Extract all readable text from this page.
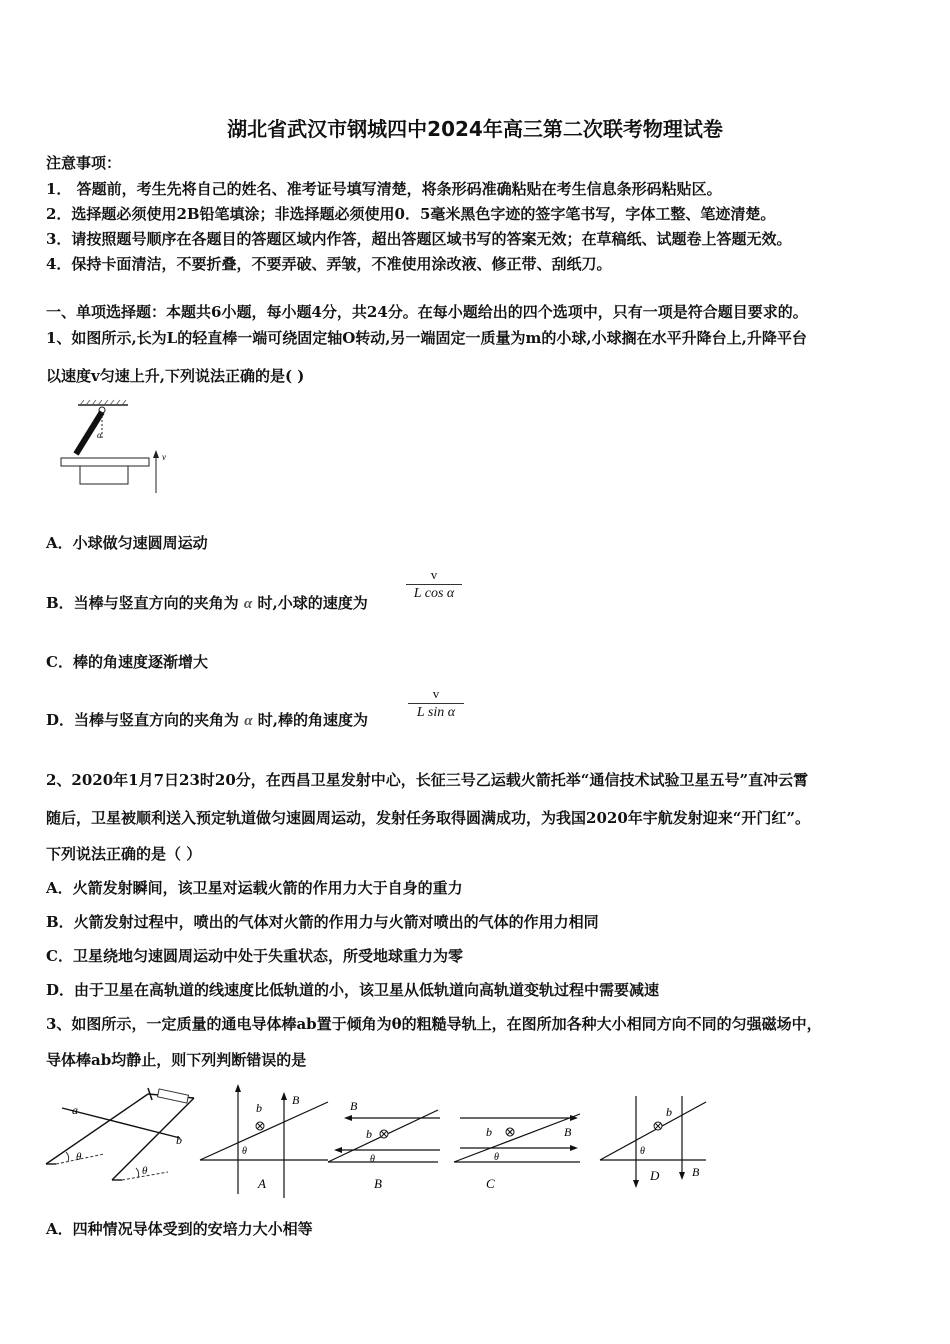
湖北省武汉市钢城四中2024年高三第二次联考物理试卷
注意事项：
1． 答题前，考生先将自己的姓名、准考证号填写清楚，将条形码准确粘贴在考生信息条形码粘贴区。
2．选择题必须使用2B铅笔填涂；非选择题必须使用0．5毫米黑色字迹的签字笔书写，字体工整、笔迹清楚。
3．请按照题号顺序在各题目的答题区域内作答，超出答题区域书写的答案无效；在草稿纸、试题卷上答题无效。
4．保持卡面清洁，不要折叠，不要弄破、弄皱，不准使用涂改液、修正带、刮纸刀。
一、单项选择题：本题共6小题，每小题4分，共24分。在每小题给出的四个选项中，只有一项是符合题目要求的。
1、如图所示,长为L的轻直棒一端可绕固定轴O转动,另一端固定一质量为m的小球,小球搁在水平升降台上,升降平台
以速度v匀速上升,下列说法正确的是( )
α
v
A．小球做匀速圆周运动
B．当棒与竖直方向的夹角为 α 时,小球的速度为
v
L cos α
C．棒的角速度逐渐增大
D．当棒与竖直方向的夹角为 α 时,棒的角速度为
v
L sin α
2、2020年1月7日23时20分，在西昌卫星发射中心，长征三号乙运载火箭托举“通信技术试验卫星五号”直冲云霄
随后，卫星被顺利送入预定轨道做匀速圆周运动，发射任务取得圆满成功，为我国2020年宇航发射迎来“开门红”。
下列说法正确的是（ ）
A．火箭发射瞬间，该卫星对运载火箭的作用力大于自身的重力
B．火箭发射过程中，喷出的气体对火箭的作用力与火箭对喷出的气体的作用力相同
C．卫星绕地匀速圆周运动中处于失重状态，所受地球重力为零
D．由于卫星在高轨道的线速度比低轨道的小，该卫星从低轨道向高轨道变轨过程中需要减速
3、如图所示，一定质量的通电导体棒ab置于倾角为θ的粗糙导轨上，在图所加各种大小相同方向不同的匀强磁场中，
导体棒ab均静止，则下列判断错误的是
a
b
θ
θ
b
B
θ
A
b
B
θ
B
b	B
θ
C
b
B
θ
D
A．四种情况导体受到的安培力大小相等
